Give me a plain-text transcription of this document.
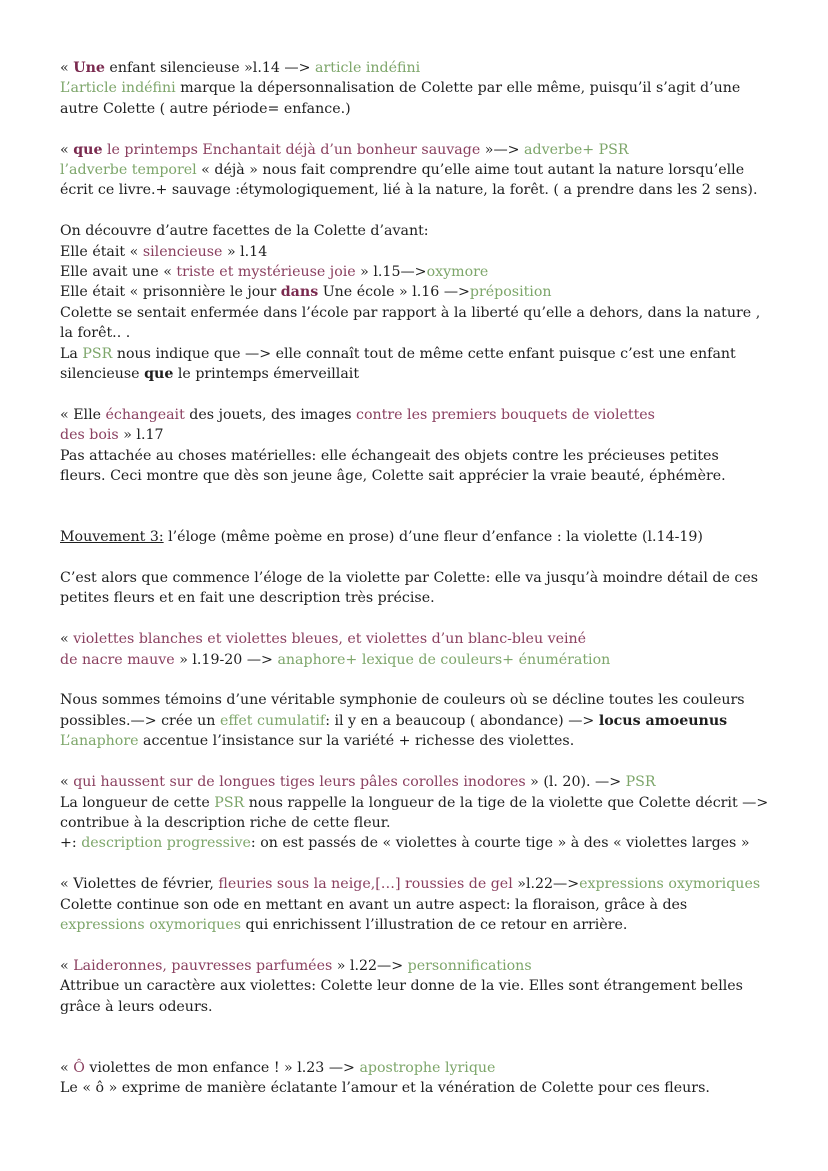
« Une enfant silencieuse »l.14 —> article indéfini
L’article indéfini marque la dépersonnalisation de Colette par elle même, puisqu’il s’agit d’une
autre Colette ( autre période= enfance.)
« que le printemps Enchantait déjà d’un bonheur sauvage »—> adverbe+ PSR
l’adverbe temporel « déjà » nous fait comprendre qu’elle aime tout autant la nature lorsqu’elle
écrit ce livre.+ sauvage :étymologiquement, lié à la nature, la forêt. ( a prendre dans les 2 sens).
On découvre d’autre facettes de la Colette d’avant:
Elle était « silencieuse » l.14
Elle avait une « triste et mystérieuse joie » l.15—>oxymore
Elle était « prisonnière le jour dans Une école » l.16 —>préposition
Colette se sentait enfermée dans l’école par rapport à la liberté qu’elle a dehors, dans la nature ,
la forêt.. .
La PSR nous indique que —> elle connaît tout de même cette enfant puisque c’est une enfant
silencieuse que le printemps émerveillait
« Elle échangeait des jouets, des images contre les premiers bouquets de violettes
des bois » l.17
Pas attachée au choses matérielles: elle échangeait des objets contre les précieuses petites
fleurs. Ceci montre que dès son jeune âge, Colette sait apprécier la vraie beauté, éphémère.
Mouvement 3: l’éloge (même poème en prose) d’une fleur d’enfance : la violette (l.14-19)
C’est alors que commence l’éloge de la violette par Colette: elle va jusqu’à moindre détail de ces
petites fleurs et en fait une description très précise.
« violettes blanches et violettes bleues, et violettes d’un blanc-bleu veiné
de nacre mauve » l.19-20 —> anaphore+ lexique de couleurs+ énumération
Nous sommes témoins d’une véritable symphonie de couleurs où se décline toutes les couleurs
possibles.—> crée un effet cumulatif: il y en a beaucoup ( abondance) —> locus amoeunus
L’anaphore accentue l’insistance sur la variété + richesse des violettes.
« qui haussent sur de longues tiges leurs pâles corolles inodores » (l. 20). —> PSR
La longueur de cette PSR nous rappelle la longueur de la tige de la violette que Colette décrit —>
contribue à la description riche de cette fleur.
+: description progressive: on est passés de « violettes à courte tige » à des « violettes larges »
« Violettes de février, fleuries sous la neige,[…] roussies de gel »l.22—>expressions oxymoriques
Colette continue son ode en mettant en avant un autre aspect: la floraison, grâce à des
expressions oxymoriques qui enrichissent l’illustration de ce retour en arrière.
« Laideronnes, pauvresses parfumées » l.22—> personnifications
Attribue un caractère aux violettes: Colette leur donne de la vie. Elles sont étrangement belles
grâce à leurs odeurs.
« Ô violettes de mon enfance ! » l.23 —> apostrophe lyrique
Le « ô » exprime de manière éclatante l’amour et la vénération de Colette pour ces fleurs.
